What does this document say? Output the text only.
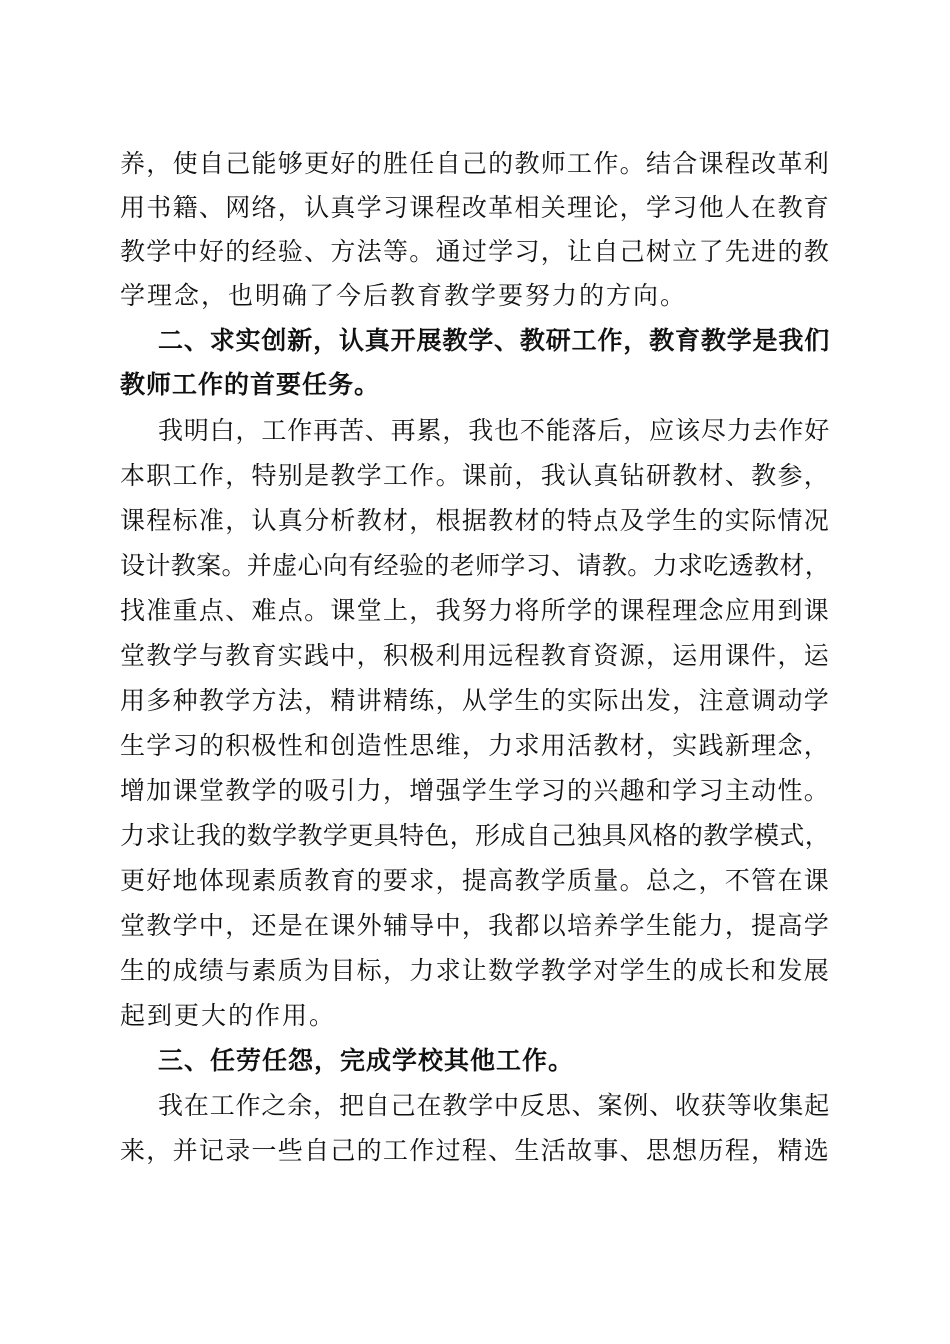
养，使自己能够更好的胜任自己的教师工作。结合课程改革利
用书籍、网络，认真学习课程改革相关理论，学习他人在教育
教学中好的经验、方法等。通过学习，让自己树立了先进的教
学理念，也明确了今后教育教学要努力的方向。
二、求实创新，认真开展教学、教研工作，教育教学是我们
教师工作的首要任务。
我明白，工作再苦、再累，我也不能落后，应该尽力去作好
本职工作，特别是教学工作。课前，我认真钻研教材、教参，
课程标准，认真分析教材，根据教材的特点及学生的实际情况
设计教案。并虚心向有经验的老师学习、请教。力求吃透教材，
找准重点、难点。课堂上，我努力将所学的课程理念应用到课
堂教学与教育实践中，积极利用远程教育资源，运用课件，运
用多种教学方法，精讲精练，从学生的实际出发，注意调动学
生学习的积极性和创造性思维，力求用活教材，实践新理念，
增加课堂教学的吸引力，增强学生学习的兴趣和学习主动性。
力求让我的数学教学更具特色，形成自己独具风格的教学模式，
更好地体现素质教育的要求，提高教学质量。总之，不管在课
堂教学中，还是在课外辅导中，我都以培养学生能力，提高学
生的成绩与素质为目标，力求让数学教学对学生的成长和发展
起到更大的作用。
三、任劳任怨，完成学校其他工作。
我在工作之余，把自己在教学中反思、案例、收获等收集起
来，并记录一些自己的工作过程、生活故事、思想历程，精选
